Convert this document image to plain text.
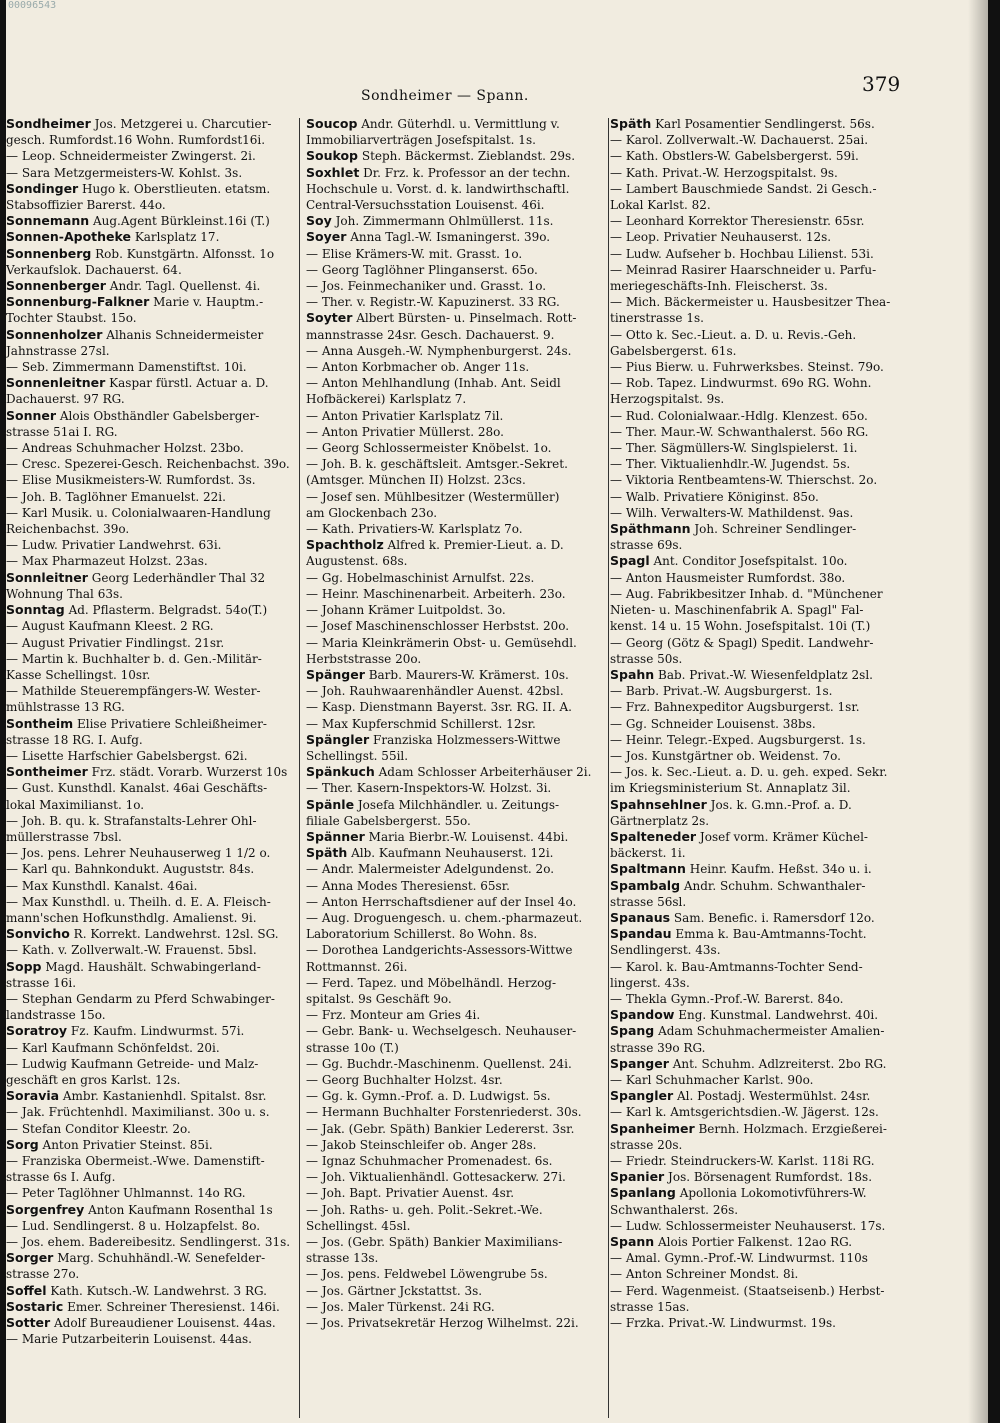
00096543
Sondheimer — Spann.	379
Sondheimer Jos. Metzgerei u. Charcutier-
gesch. Rumfordst.16 Wohn. Rumfordst16i.
— Leop. Schneidermeister Zwingerst. 2i.
— Sara Metzgermeisters-W. Kohlst. 3s.
Sondinger Hugo k. Oberstlieuten. etatsm.
Stabsoffizier Barerst. 44o.
Sonnemann Aug.Agent Bürkleinst.16i (T.)
Sonnen-Apotheke Karlsplatz 17.
Sonnenberg Rob. Kunstgärtn. Alfonsst. 1o
Verkaufslok. Dachauerst. 64.
Sonnenberger Andr. Tagl. Quellenst. 4i.
Sonnenburg-Falkner Marie v. Hauptm.-
Tochter Staubst. 15o.
Sonnenholzer Alhanis Schneidermeister
Jahnstrasse 27sl.
— Seb. Zimmermann Damenstiftst. 10i.
Sonnenleitner Kaspar fürstl. Actuar a. D.
Dachauerst. 97 RG.
Sonner Alois Obsthändler Gabelsberger-
strasse 51ai I. RG.
— Andreas Schuhmacher Holzst. 23bo.
— Cresc. Spezerei-Gesch. Reichenbachst. 39o.
— Elise Musikmeisters-W. Rumfordst. 3s.
— Joh. B. Taglöhner Emanuelst. 22i.
— Karl Musik. u. Colonialwaaren-Handlung
Reichenbachst. 39o.
— Ludw. Privatier Landwehrst. 63i.
— Max Pharmazeut Holzst. 23as.
Sonnleitner Georg Lederhändler Thal 32
Wohnung Thal 63s.
Sonntag Ad. Pflasterm. Belgradst. 54o(T.)
— August Kaufmann Kleest. 2 RG.
— August Privatier Findlingst. 21sr.
— Martin k. Buchhalter b. d. Gen.-Militär-
Kasse Schellingst. 10sr.
— Mathilde Steuerempfängers-W. Wester-
mühlstrasse 13 RG.
Sontheim Elise Privatiere Schleißheimer-
strasse 18 RG. I. Aufg.
— Lisette Harfschier Gabelsbergst. 62i.
Sontheimer Frz. städt. Vorarb. Wurzerst 10s
— Gust. Kunsthdl. Kanalst. 46ai Geschäfts-
lokal Maximilianst. 1o.
— Joh. B. qu. k. Strafanstalts-Lehrer Ohl-
müllerstrasse 7bsl.
— Jos. pens. Lehrer Neuhauserweg 1 1/2 o.
— Karl qu. Bahnkondukt. Auguststr. 84s.
— Max Kunsthdl. Kanalst. 46ai.
— Max Kunsthdl. u. Theilh. d. E. A. Fleisch-
mann'schen Hofkunsthdlg. Amalienst. 9i.
Sonvicho R. Korrekt. Landwehrst. 12sl. SG.
— Kath. v. Zollverwalt.-W. Frauenst. 5bsl.
Sopp Magd. Haushält. Schwabingerland-
strasse 16i.
— Stephan Gendarm zu Pferd Schwabinger-
landstrasse 15o.
Soratroy Fz. Kaufm. Lindwurmst. 57i.
— Karl Kaufmann Schönfeldst. 20i.
— Ludwig Kaufmann Getreide- und Malz-
geschäft en gros Karlst. 12s.
Soravia Ambr. Kastanienhdl. Spitalst. 8sr.
— Jak. Früchtenhdl. Maximilianst. 30o u. s.
— Stefan Conditor Kleestr. 2o.
Sorg Anton Privatier Steinst. 85i.
— Franziska Obermeist.-Wwe. Damenstift-
strasse 6s I. Aufg.
— Peter Taglöhner Uhlmannst. 14o RG.
Sorgenfrey Anton Kaufmann Rosenthal 1s
— Lud. Sendlingerst. 8 u. Holzapfelst. 8o.
— Jos. ehem. Badereibesitz. Sendlingerst. 31s.
Sorger Marg. Schuhhändl.-W. Senefelder-
strasse 27o.
Soffel Kath. Kutsch.-W. Landwehrst. 3 RG.
Sostaric Emer. Schreiner Theresienst. 146i.
Sotter Adolf Bureaudiener Louisenst. 44as.
— Marie Putzarbeiterin Louisenst. 44as.
Soucop Andr. Güterhdl. u. Vermittlung v.
Immobiliarverträgen Josefspitalst. 1s.
Soukop Steph. Bäckermst. Zieblandst. 29s.
Soxhlet Dr. Frz. k. Professor an der techn.
Hochschule u. Vorst. d. k. landwirthschaftl.
Central-Versuchsstation Louisenst. 46i.
Soy Joh. Zimmermann Ohlmüllerst. 11s.
Soyer Anna Tagl.-W. Ismaningerst. 39o.
— Elise Krämers-W. mit. Grasst. 1o.
— Georg Taglöhner Plinganserst. 65o.
— Jos. Feinmechaniker und. Grasst. 1o.
— Ther. v. Registr.-W. Kapuzinerst. 33 RG.
Soyter Albert Bürsten- u. Pinselmach. Rott-
mannstrasse 24sr. Gesch. Dachauerst. 9.
— Anna Ausgeh.-W. Nymphenburgerst. 24s.
— Anton Korbmacher ob. Anger 11s.
— Anton Mehlhandlung (Inhab. Ant. Seidl
Hofbäckerei) Karlsplatz 7.
— Anton Privatier Karlsplatz 7il.
— Anton Privatier Müllerst. 28o.
— Georg Schlossermeister Knöbelst. 1o.
— Joh. B. k. geschäftsleit. Amtsger.-Sekret.
(Amtsger. München II) Holzst. 23cs.
— Josef sen. Mühlbesitzer (Westermüller)
am Glockenbach 23o.
— Kath. Privatiers-W. Karlsplatz 7o.
Spachtholz Alfred k. Premier-Lieut. a. D.
Augustenst. 68s.
— Gg. Hobelmaschinist Arnulfst. 22s.
— Heinr. Maschinenarbeit. Arbeiterh. 23o.
— Johann Krämer Luitpoldst. 3o.
— Josef Maschinenschlosser Herbstst. 20o.
— Maria Kleinkrämerin Obst- u. Gemüsehdl.
Herbststrasse 20o.
Spänger Barb. Maurers-W. Krämerst. 10s.
— Joh. Rauhwaarenhändler Auenst. 42bsl.
— Kasp. Dienstmann Bayerst. 3sr. RG. II. A.
— Max Kupferschmid Schillerst. 12sr.
Spängler Franziska Holzmessers-Wittwe
Schellingst. 55il.
Spänkuch Adam Schlosser Arbeiterhäuser 2i.
— Ther. Kasern-Inspektors-W. Holzst. 3i.
Spänle Josefa Milchhändler. u. Zeitungs-
filiale Gabelsbergerst. 55o.
Spänner Maria Bierbr.-W. Louisenst. 44bi.
Späth Alb. Kaufmann Neuhauserst. 12i.
— Andr. Malermeister Adelgundenst. 2o.
— Anna Modes Theresienst. 65sr.
— Anton Herrschaftsdiener auf der Insel 4o.
— Aug. Droguengesch. u. chem.-pharmazeut.
Laboratorium Schillerst. 8o Wohn. 8s.
— Dorothea Landgerichts-Assessors-Wittwe
Rottmannst. 26i.
— Ferd. Tapez. und Möbelhändl. Herzog-
spitalst. 9s Geschäft 9o.
— Frz. Monteur am Gries 4i.
— Gebr. Bank- u. Wechselgesch. Neuhauser-
strasse 10o (T.)
— Gg. Buchdr.-Maschinenm. Quellenst. 24i.
— Georg Buchhalter Holzst. 4sr.
— Gg. k. Gymn.-Prof. a. D. Ludwigst. 5s.
— Hermann Buchhalter Forstenriederst. 30s.
— Jak. (Gebr. Späth) Bankier Ledererst. 3sr.
— Jakob Steinschleifer ob. Anger 28s.
— Ignaz Schuhmacher Promenadest. 6s.
— Joh. Viktualienhändl. Gottesackerw. 27i.
— Joh. Bapt. Privatier Auenst. 4sr.
— Joh. Raths- u. geh. Polit.-Sekret.-We.
Schellingst. 45sl.
— Jos. (Gebr. Späth) Bankier Maximilians-
strasse 13s.
— Jos. pens. Feldwebel Löwengrube 5s.
— Jos. Gärtner Jckstattst. 3s.
— Jos. Maler Türkenst. 24i RG.
— Jos. Privatsekretär Herzog Wilhelmst. 22i.
Späth Karl Posamentier Sendlingerst. 56s.
— Karol. Zollverwalt.-W. Dachauerst. 25ai.
— Kath. Obstlers-W. Gabelsbergerst. 59i.
— Kath. Privat.-W. Herzogspitalst. 9s.
— Lambert Bauschmiede Sandst. 2i Gesch.-
Lokal Karlst. 82.
— Leonhard Korrektor Theresienstr. 65sr.
— Leop. Privatier Neuhauserst. 12s.
— Ludw. Aufseher b. Hochbau Lilienst. 53i.
— Meinrad Rasirer Haarschneider u. Parfu-
meriegeschäfts-Inh. Fleischerst. 3s.
— Mich. Bäckermeister u. Hausbesitzer Thea-
tinerstrasse 1s.
— Otto k. Sec.-Lieut. a. D. u. Revis.-Geh.
Gabelsbergerst. 61s.
— Pius Bierw. u. Fuhrwerksbes. Steinst. 79o.
— Rob. Tapez. Lindwurmst. 69o RG. Wohn.
Herzogspitalst. 9s.
— Rud. Colonialwaar.-Hdlg. Klenzest. 65o.
— Ther. Maur.-W. Schwanthalerst. 56o RG.
— Ther. Sägmüllers-W. Singlspielerst. 1i.
— Ther. Viktualienhdlr.-W. Jugendst. 5s.
— Viktoria Rentbeamtens-W. Thierschst. 2o.
— Walb. Privatiere Königinst. 85o.
— Wilh. Verwalters-W. Mathildenst. 9as.
Späthmann Joh. Schreiner Sendlinger-
strasse 69s.
Spagl Ant. Conditor Josefspitalst. 10o.
— Anton Hausmeister Rumfordst. 38o.
— Aug. Fabrikbesitzer Inhab. d. "Münchener
Nieten- u. Maschinenfabrik A. Spagl" Fal-
kenst. 14 u. 15 Wohn. Josefspitalst. 10i (T.)
— Georg (Götz & Spagl) Spedit. Landwehr-
strasse 50s.
Spahn Bab. Privat.-W. Wiesenfeldplatz 2sl.
— Barb. Privat.-W. Augsburgerst. 1s.
— Frz. Bahnexpeditor Augsburgerst. 1sr.
— Gg. Schneider Louisenst. 38bs.
— Heinr. Telegr.-Exped. Augsburgerst. 1s.
— Jos. Kunstgärtner ob. Weidenst. 7o.
— Jos. k. Sec.-Lieut. a. D. u. geh. exped. Sekr.
im Kriegsministerium St. Annaplatz 3il.
Spahnsehlner Jos. k. G.mn.-Prof. a. D.
Gärtnerplatz 2s.
Spalteneder Josef vorm. Krämer Küchel-
bäckerst. 1i.
Spaltmann Heinr. Kaufm. Heßst. 34o u. i.
Spambalg Andr. Schuhm. Schwanthaler-
strasse 56sl.
Spanaus Sam. Benefic. i. Ramersdorf 12o.
Spandau Emma k. Bau-Amtmanns-Tocht.
Sendlingerst. 43s.
— Karol. k. Bau-Amtmanns-Tochter Send-
lingerst. 43s.
— Thekla Gymn.-Prof.-W. Barerst. 84o.
Spandow Eng. Kunstmal. Landwehrst. 40i.
Spang Adam Schuhmachermeister Amalien-
strasse 39o RG.
Spanger Ant. Schuhm. Adlzreiterst. 2bo RG.
— Karl Schuhmacher Karlst. 90o.
Spangler Al. Postadj. Westermühlst. 24sr.
— Karl k. Amtsgerichtsdien.-W. Jägerst. 12s.
Spanheimer Bernh. Holzmach. Erzgießerei-
strasse 20s.
— Friedr. Steindruckers-W. Karlst. 118i RG.
Spanier Jos. Börsenagent Rumfordst. 18s.
Spanlang Apollonia Lokomotivführers-W.
Schwanthalerst. 26s.
— Ludw. Schlossermeister Neuhauserst. 17s.
Spann Alois Portier Falkenst. 12ao RG.
— Amal. Gymn.-Prof.-W. Lindwurmst. 110s
— Anton Schreiner Mondst. 8i.
— Ferd. Wagenmeist. (Staatseisenb.) Herbst-
strasse 15as.
— Frzka. Privat.-W. Lindwurmst. 19s.
